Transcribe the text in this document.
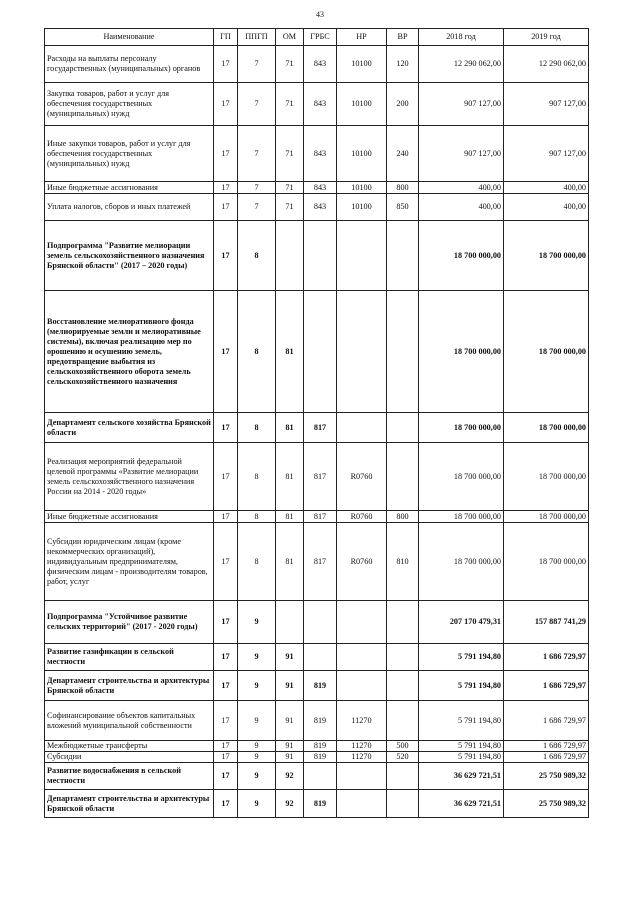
43
Наименование	ГП	ППГП	ОМ	ГРБС	НР	ВР	2018 год	2019 год
Расходы на выплаты персоналу государственных (муниципальных) органов	17	7	71	843	10100	120	12 290 062,00	12 290 062,00
Закупка товаров, работ и услуг для обеспечения государственных (муниципальных) нужд	17	7	71	843	10100	200	907 127,00	907 127,00
Иные закупки товаров, работ и услуг для обеспечения государственных (муниципальных) нужд	17	7	71	843	10100	240	907 127,00	907 127,00
Иные бюджетные ассигнования	17	7	71	843	10100	800	400,00	400,00
Уплата налогов, сборов и иных платежей	17	7	71	843	10100	850	400,00	400,00
Подпрограмма "Развитие мелиорации земель сельскохозяйственного назначения Брянской области" (2017 – 2020 годы)	17	8					18 700 000,00	18 700 000,00
Восстановление мелиоративного фонда (мелиорируемые земли и мелиоративные системы), включая реализацию мер по орошению и осушению земель, предотвращение выбытия из сельскохозяйственного оборота земель сельскохозяйственного назначения	17	8	81				18 700 000,00	18 700 000,00
Департамент сельского хозяйства Брянской области	17	8	81	817			18 700 000,00	18 700 000,00
Реализация мероприятий федеральной целевой программы «Развитие мелиорации земель сельскохозяйственного назначения России на 2014 - 2020 годы»	17	8	81	817	R0760		18 700 000,00	18 700 000,00
Иные бюджетные ассигнования	17	8	81	817	R0760	800	18 700 000,00	18 700 000,00
Субсидии юридическим лицам (кроме некоммерческих организаций), индивидуальным предпринимателям, физическим лицам - производителям товаров, работ, услуг	17	8	81	817	R0760	810	18 700 000,00	18 700 000,00
Подпрограмма "Устойчивое развитие сельских территорий" (2017 - 2020 годы)	17	9					207 170 479,31	157 887 741,29
Развитие газификации в сельской местности	17	9	91				5 791 194,80	1 686 729,97
Департамент строительства и архитектуры Брянской области	17	9	91	819			5 791 194,80	1 686 729,97
Софинансирование объектов капитальных вложений муниципальной собственности	17	9	91	819	11270		5 791 194,80	1 686 729,97
Межбюджетные трансферты	17	9	91	819	11270	500	5 791 194,80	1 686 729,97
Субсидии	17	9	91	819	11270	520	5 791 194,80	1 686 729,97
Развитие водоснабжения в сельской местности	17	9	92				36 629 721,51	25 750 989,32
Департамент строительства и архитектуры Брянской области	17	9	92	819			36 629 721,51	25 750 989,32
